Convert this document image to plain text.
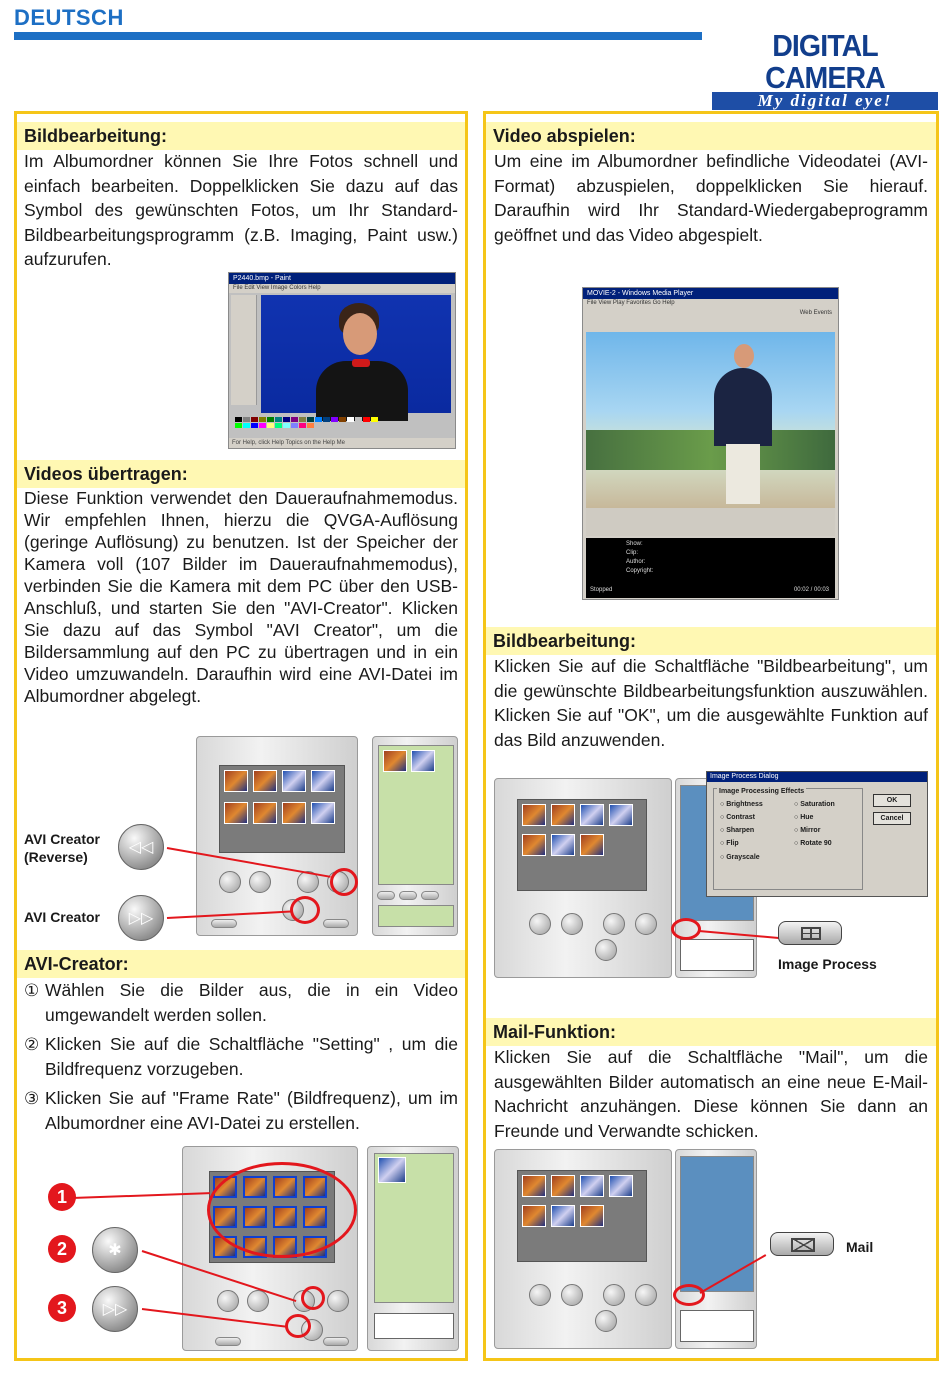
DEUTSCH
DIGITAL CAMERA
My digital eye!
Bildbearbeitung:
Im Albumordner können Sie Ihre Fotos schnell und einfach bearbeiten. Doppelklicken Sie dazu auf das Symbol des gewünschten Fotos, um Ihr Standard-Bildbearbeitungsprogramm (z.B. Imaging, Paint usw.) aufzurufen.
P2440.bmp - Paint
File Edit View Image Colors Help
For Help, click Help Topics on the Help Me
Videos übertragen:
Diese Funktion verwendet den Daueraufnahmemodus. Wir empfehlen Ihnen, hierzu die QVGA-Auflösung (geringe Auflösung) zu benutzen. Ist der Speicher der Kamera voll (107 Bilder im Daueraufnahmemodus), verbinden Sie die Kamera mit dem PC über den USB-Anschluß, und starten Sie den "AVI-Creator". Klicken Sie dazu auf das Symbol "AVI Creator", um die Bildersammlung auf den PC zu übertragen und in ein Video umzuwandeln. Daraufhin wird eine AVI-Datei im Albumordner abgelegt.
AVI Creator
(Reverse)
◁◁
AVI Creator	▷▷
AVI-Creator:
① Wählen Sie die Bilder aus, die in ein Video umgewandelt werden sollen.
② Klicken Sie auf die Schaltfläche "Setting" , um die Bildfrequenz vorzugeben.
③ Klicken Sie auf "Frame Rate" (Bildfrequenz), um im Albumordner eine AVI-Datei zu erstellen.
1
2
3
✱
▷▷
Video abspielen:
Um eine im Albumordner befindliche Videodatei (AVI-Format) abzuspielen, doppelklicken Sie hierauf. Daraufhin wird Ihr Standard-Wiedergabeprogramm geöffnet und das Video abgespielt.
MOVIE-2 - Windows Media Player
File View Play Favorites Go Help
Web Events
Show:
Clip:
Author:
Copyright:
Stopped	00:02 / 00:03
Bildbearbeitung:
Klicken Sie auf die Schaltfläche "Bildbearbeitung", um die gewünschte Bildbearbeitungsfunktion auszuwählen. Klicken Sie auf "OK", um die ausgewählte Funktion auf das Bild anzuwenden.
Image Process Dialog
Image Processing Effects
○ Brightness
○ Contrast
○ Sharpen
○ Flip
○ Grayscale
○ Saturation
○ Hue
○ Mirror
○ Rotate 90
OK
Cancel
Image Process
Mail-Funktion:
Klicken Sie auf die Schaltfläche "Mail", um die ausgewählten Bilder automatisch an eine neue E-Mail-Nachricht anzuhängen. Diese können Sie dann an Freunde und Verwandte schicken.
Mail
